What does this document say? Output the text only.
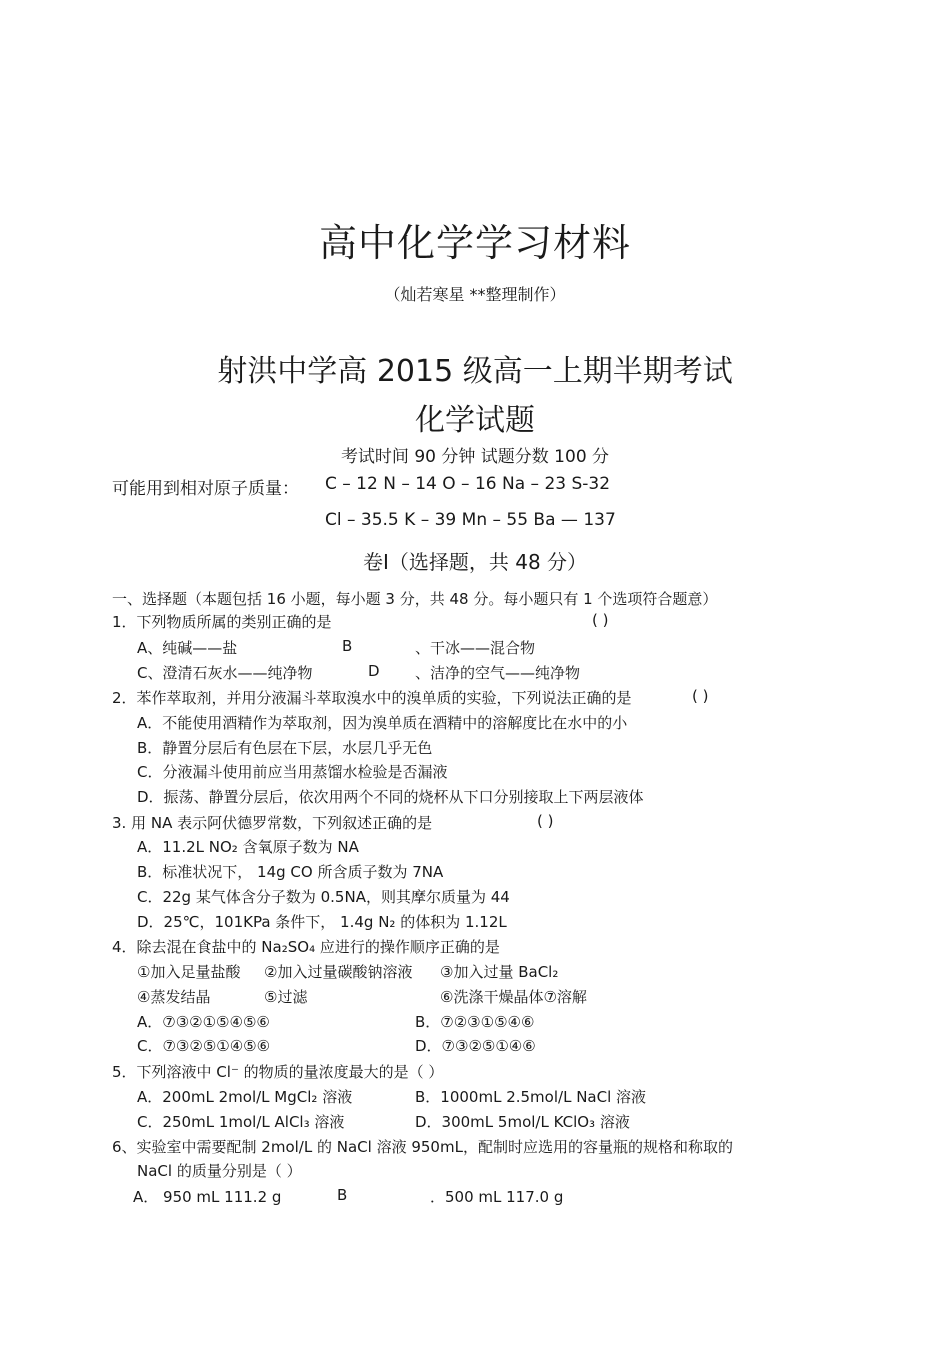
高中化学学习材料
（灿若寒星 **整理制作）
射洪中学高 2015 级高一上期半期考试
化学试题
考试时间 90 分钟 试题分数 100 分
可能用到相对原子质量： C – 12 N – 14 O – 16 Na – 23 S-32
Cl – 35.5 K – 39 Mn – 55 Ba — 137
卷Ⅰ（选择题，共 48 分）
一、选择题（本题包括 16 小题，每小题 3 分，共 48 分。每小题只有 1 个选项符合题意）
1．下列物质所属的类别正确的是	( )
A、纯碱——盐	B	、干冰——混合物
C、澄清石灰水——纯净物	D 、洁净的空气——纯净物
2．苯作萃取剂，并用分液漏斗萃取溴水中的溴单质的实验，下列说法正确的是	( )
A．不能使用酒精作为萃取剂，因为溴单质在酒精中的溶解度比在水中的小
B．静置分层后有色层在下层，水层几乎无色
C．分液漏斗使用前应当用蒸馏水检验是否漏液
D．振荡、静置分层后，依次用两个不同的烧杯从下口分别接取上下两层液体
3. 用 NA 表示阿伏德罗常数，下列叙述正确的是	( )
A．11.2L NO₂ 含氧原子数为 NA
B．标准状况下， 14g CO 所含质子数为 7NA
C．22g 某气体含分子数为 0.5NA，则其摩尔质量为 44
D．25℃，101KPa 条件下， 1.4g N₂ 的体积为 1.12L
4．除去混在食盐中的 Na₂SO₄ 应进行的操作顺序正确的是
①加入足量盐酸 ②加入过量碳酸钠溶液 ③加入过量 BaCl₂
④蒸发结晶	⑤过滤	⑥洗涤干燥晶体⑦溶解
A．⑦③②①⑤④⑤⑥	B．⑦②③①⑤④⑥
C．⑦③②⑤①④⑤⑥	D．⑦③②⑤①④⑥
5．下列溶液中 Cl⁻ 的物质的量浓度最大的是（ ）
A．200mL 2mol/L MgCl₂ 溶液	B．1000mL 2.5mol/L NaCl 溶液
C．250mL 1mol/L AlCl₃ 溶液	D．300mL 5mol/L KClO₃ 溶液
6、实验室中需要配制 2mol/L 的 NaCl 溶液 950mL，配制时应选用的容量瓶的规格和称取的
NaCl 的质量分别是（ ）
A． 950 mL 111.2 g	B	．500 mL 117.0 g
